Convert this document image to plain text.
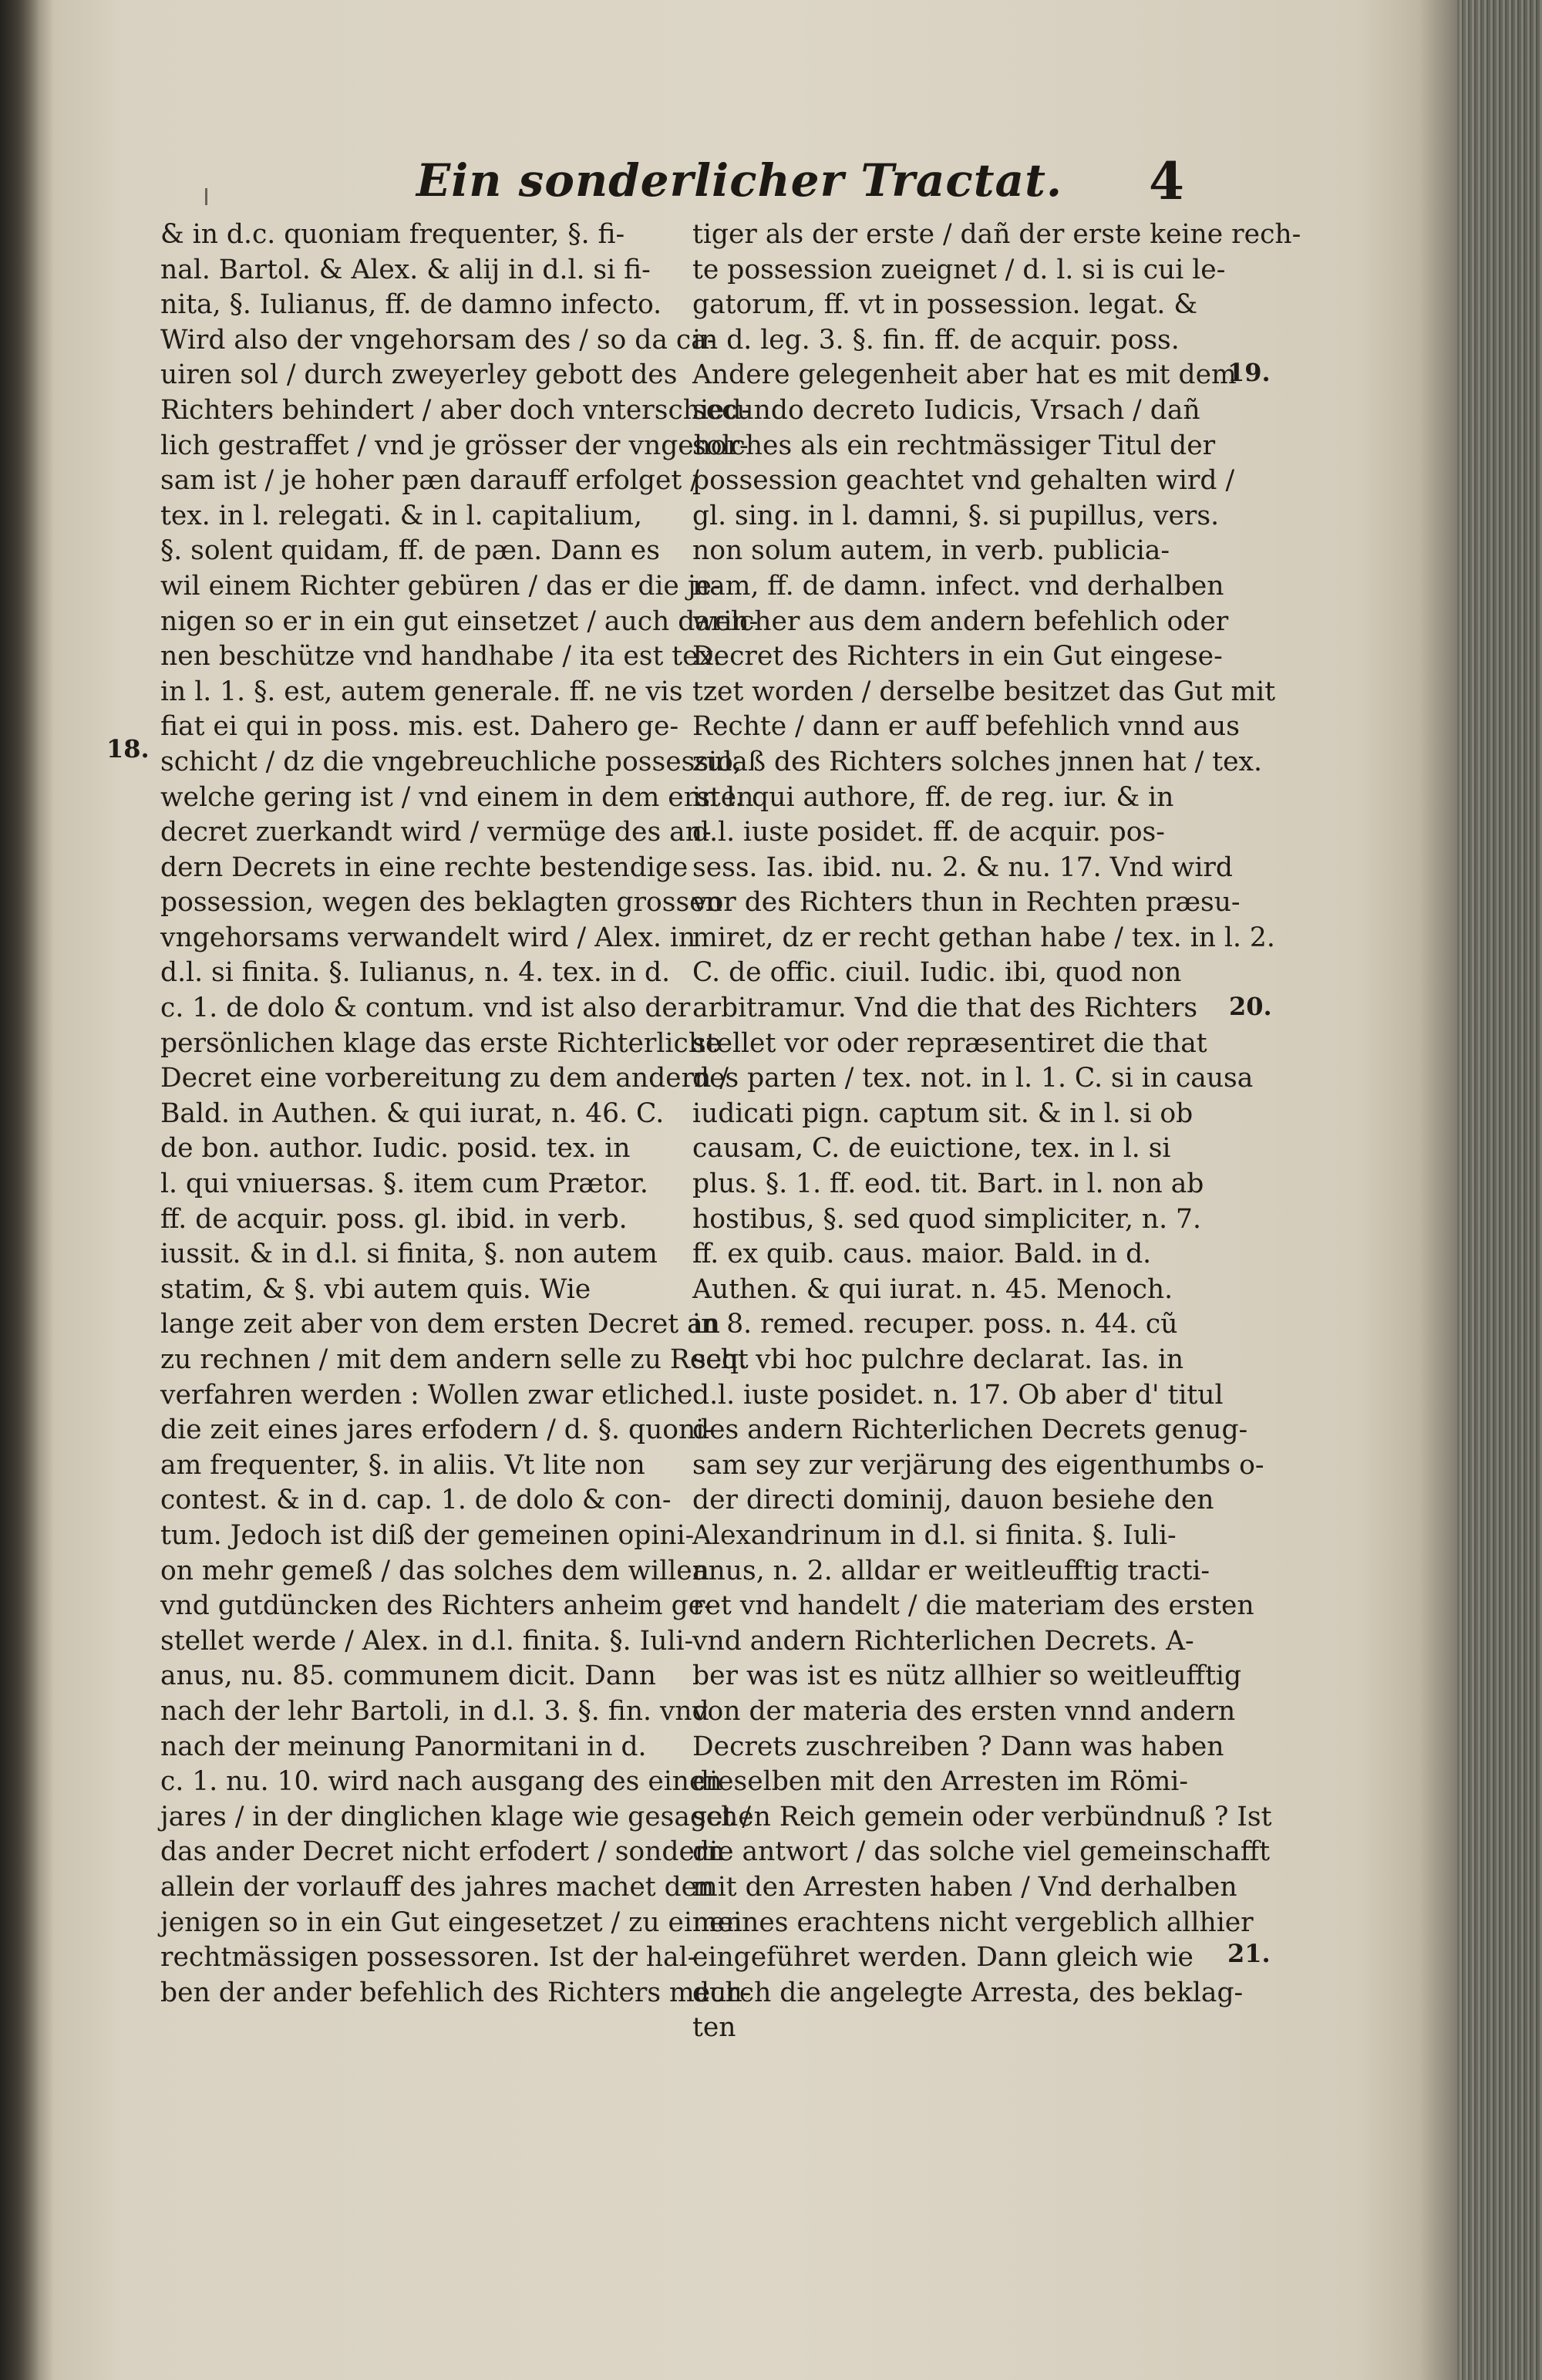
Ein sonderlicher Tractat. 4
& in d.c. quoniam frequenter, §. fi-
nal. Bartol. & Alex. & alij in d.l. si fi-
nita, §. Iulianus, ff. de damno infecto.
Wird also der vngehorsam des / so da ca-
uiren sol / durch zweyerley gebott des
Richters behindert / aber doch vnterschied-
lich gestraffet / vnd je grösser der vngehor-
sam ist / je hoher pæn darauff erfolget /
tex. in l. relegati. & in l. capitalium,
§. solent quidam, ff. de pæn. Dann es
wil einem Richter gebüren / das er die je-
nigen so er in ein gut einsetzet / auch darin-
nen beschütze vnd handhabe / ita est tex.
in l. 1. §. est, autem generale. ff. ne vis
fiat ei qui in poss. mis. est. Dahero ge-
schicht / dz die vngebreuchliche possessio,
welche gering ist / vnd einem in dem ersten
decret zuerkandt wird / vermüge des an-
dern Decrets in eine rechte bestendige
possession, wegen des beklagten grossen
vngehorsams verwandelt wird / Alex. in
d.l. si finita. §. Iulianus, n. 4. tex. in d.
c. 1. de dolo & contum. vnd ist also der
persönlichen klage das erste Richterliche
Decret eine vorbereitung zu dem andern /
Bald. in Authen. & qui iurat, n. 46. C.
de bon. author. Iudic. posid. tex. in
l. qui vniuersas. §. item cum Prætor.
ff. de acquir. poss. gl. ibid. in verb.
iussit. & in d.l. si finita, §. non autem
statim, & §. vbi autem quis. Wie
lange zeit aber von dem ersten Decret an
zu rechnen / mit dem andern selle zu Recht
verfahren werden : Wollen zwar etliche
die zeit eines jares erfodern / d. §. quoni-
am frequenter, §. in aliis. Vt lite non
contest. & in d. cap. 1. de dolo & con-
tum. Jedoch ist diß der gemeinen opini-
on mehr gemeß / das solches dem willen
vnd gutdüncken des Richters anheim ge-
stellet werde / Alex. in d.l. finita. §. Iuli-
anus, nu. 85. communem dicit. Dann
nach der lehr Bartoli, in d.l. 3. §. fin. vnd
nach der meinung Panormitani in d.
c. 1. nu. 10. wird nach ausgang des einen
jares / in der dinglichen klage wie gesaget /
das ander Decret nicht erfodert / sondern
allein der vorlauff des jahres machet den
jenigen so in ein Gut eingesetzet / zu einen
rechtmässigen possessoren. Ist der hal-
ben der ander befehlich des Richters mech-
tiger als der erste / dañ der erste keine rech-
te possession zueignet / d. l. si is cui le-
gatorum, ff. vt in possession. legat. &
in d. leg. 3. §. fin. ff. de acquir. poss.
Andere gelegenheit aber hat es mit dem
secundo decreto Iudicis, Vrsach / dañ
solches als ein rechtmässiger Titul der
possession geachtet vnd gehalten wird /
gl. sing. in l. damni, §. si pupillus, vers.
non solum autem, in verb. publicia-
nam, ff. de damn. infect. vnd derhalben
welcher aus dem andern befehlich oder
Decret des Richters in ein Gut eingese-
tzet worden / derselbe besitzet das Gut mit
Rechte / dann er auff befehlich vnnd aus
zulaß des Richters solches jnnen hat / tex.
in l. qui authore, ff. de reg. iur. & in
d.l. iuste posidet. ff. de acquir. pos-
sess. Ias. ibid. nu. 2. & nu. 17. Vnd wird
vor des Richters thun in Rechten præsu-
miret, dz er recht gethan habe / tex. in l. 2.
C. de offic. ciuil. Iudic. ibi, quod non
arbitramur. Vnd die that des Richters
stellet vor oder repræsentiret die that
des parten / tex. not. in l. 1. C. si in causa
iudicati pign. captum sit. & in l. si ob
causam, C. de euictione, tex. in l. si
plus. §. 1. ff. eod. tit. Bart. in l. non ab
hostibus, §. sed quod simpliciter, n. 7.
ff. ex quib. caus. maior. Bald. in d.
Authen. & qui iurat. n. 45. Menoch.
in 8. remed. recuper. poss. n. 44. cũ
seq. vbi hoc pulchre declarat. Ias. in
d.l. iuste posidet. n. 17. Ob aber d' titul
des andern Richterlichen Decrets genug-
sam sey zur verjärung des eigenthumbs o-
der directi dominij, dauon besiehe den
Alexandrinum in d.l. si finita. §. Iuli-
anus, n. 2. alldar er weitleufftig tracti-
ret vnd handelt / die materiam des ersten
vnd andern Richterlichen Decrets. A-
ber was ist es nütz allhier so weitleufftig
von der materia des ersten vnnd andern
Decrets zuschreiben ? Dann was haben
dieselben mit den Arresten im Römi-
schen Reich gemein oder verbündnuß ? Ist
die antwort / das solche viel gemeinschafft
mit den Arresten haben / Vnd derhalben
meines erachtens nicht vergeblich allhier
eingeführet werden. Dann gleich wie
durch die angelegte Arresta, des beklag-
ten
18.
19.
20.
21.
